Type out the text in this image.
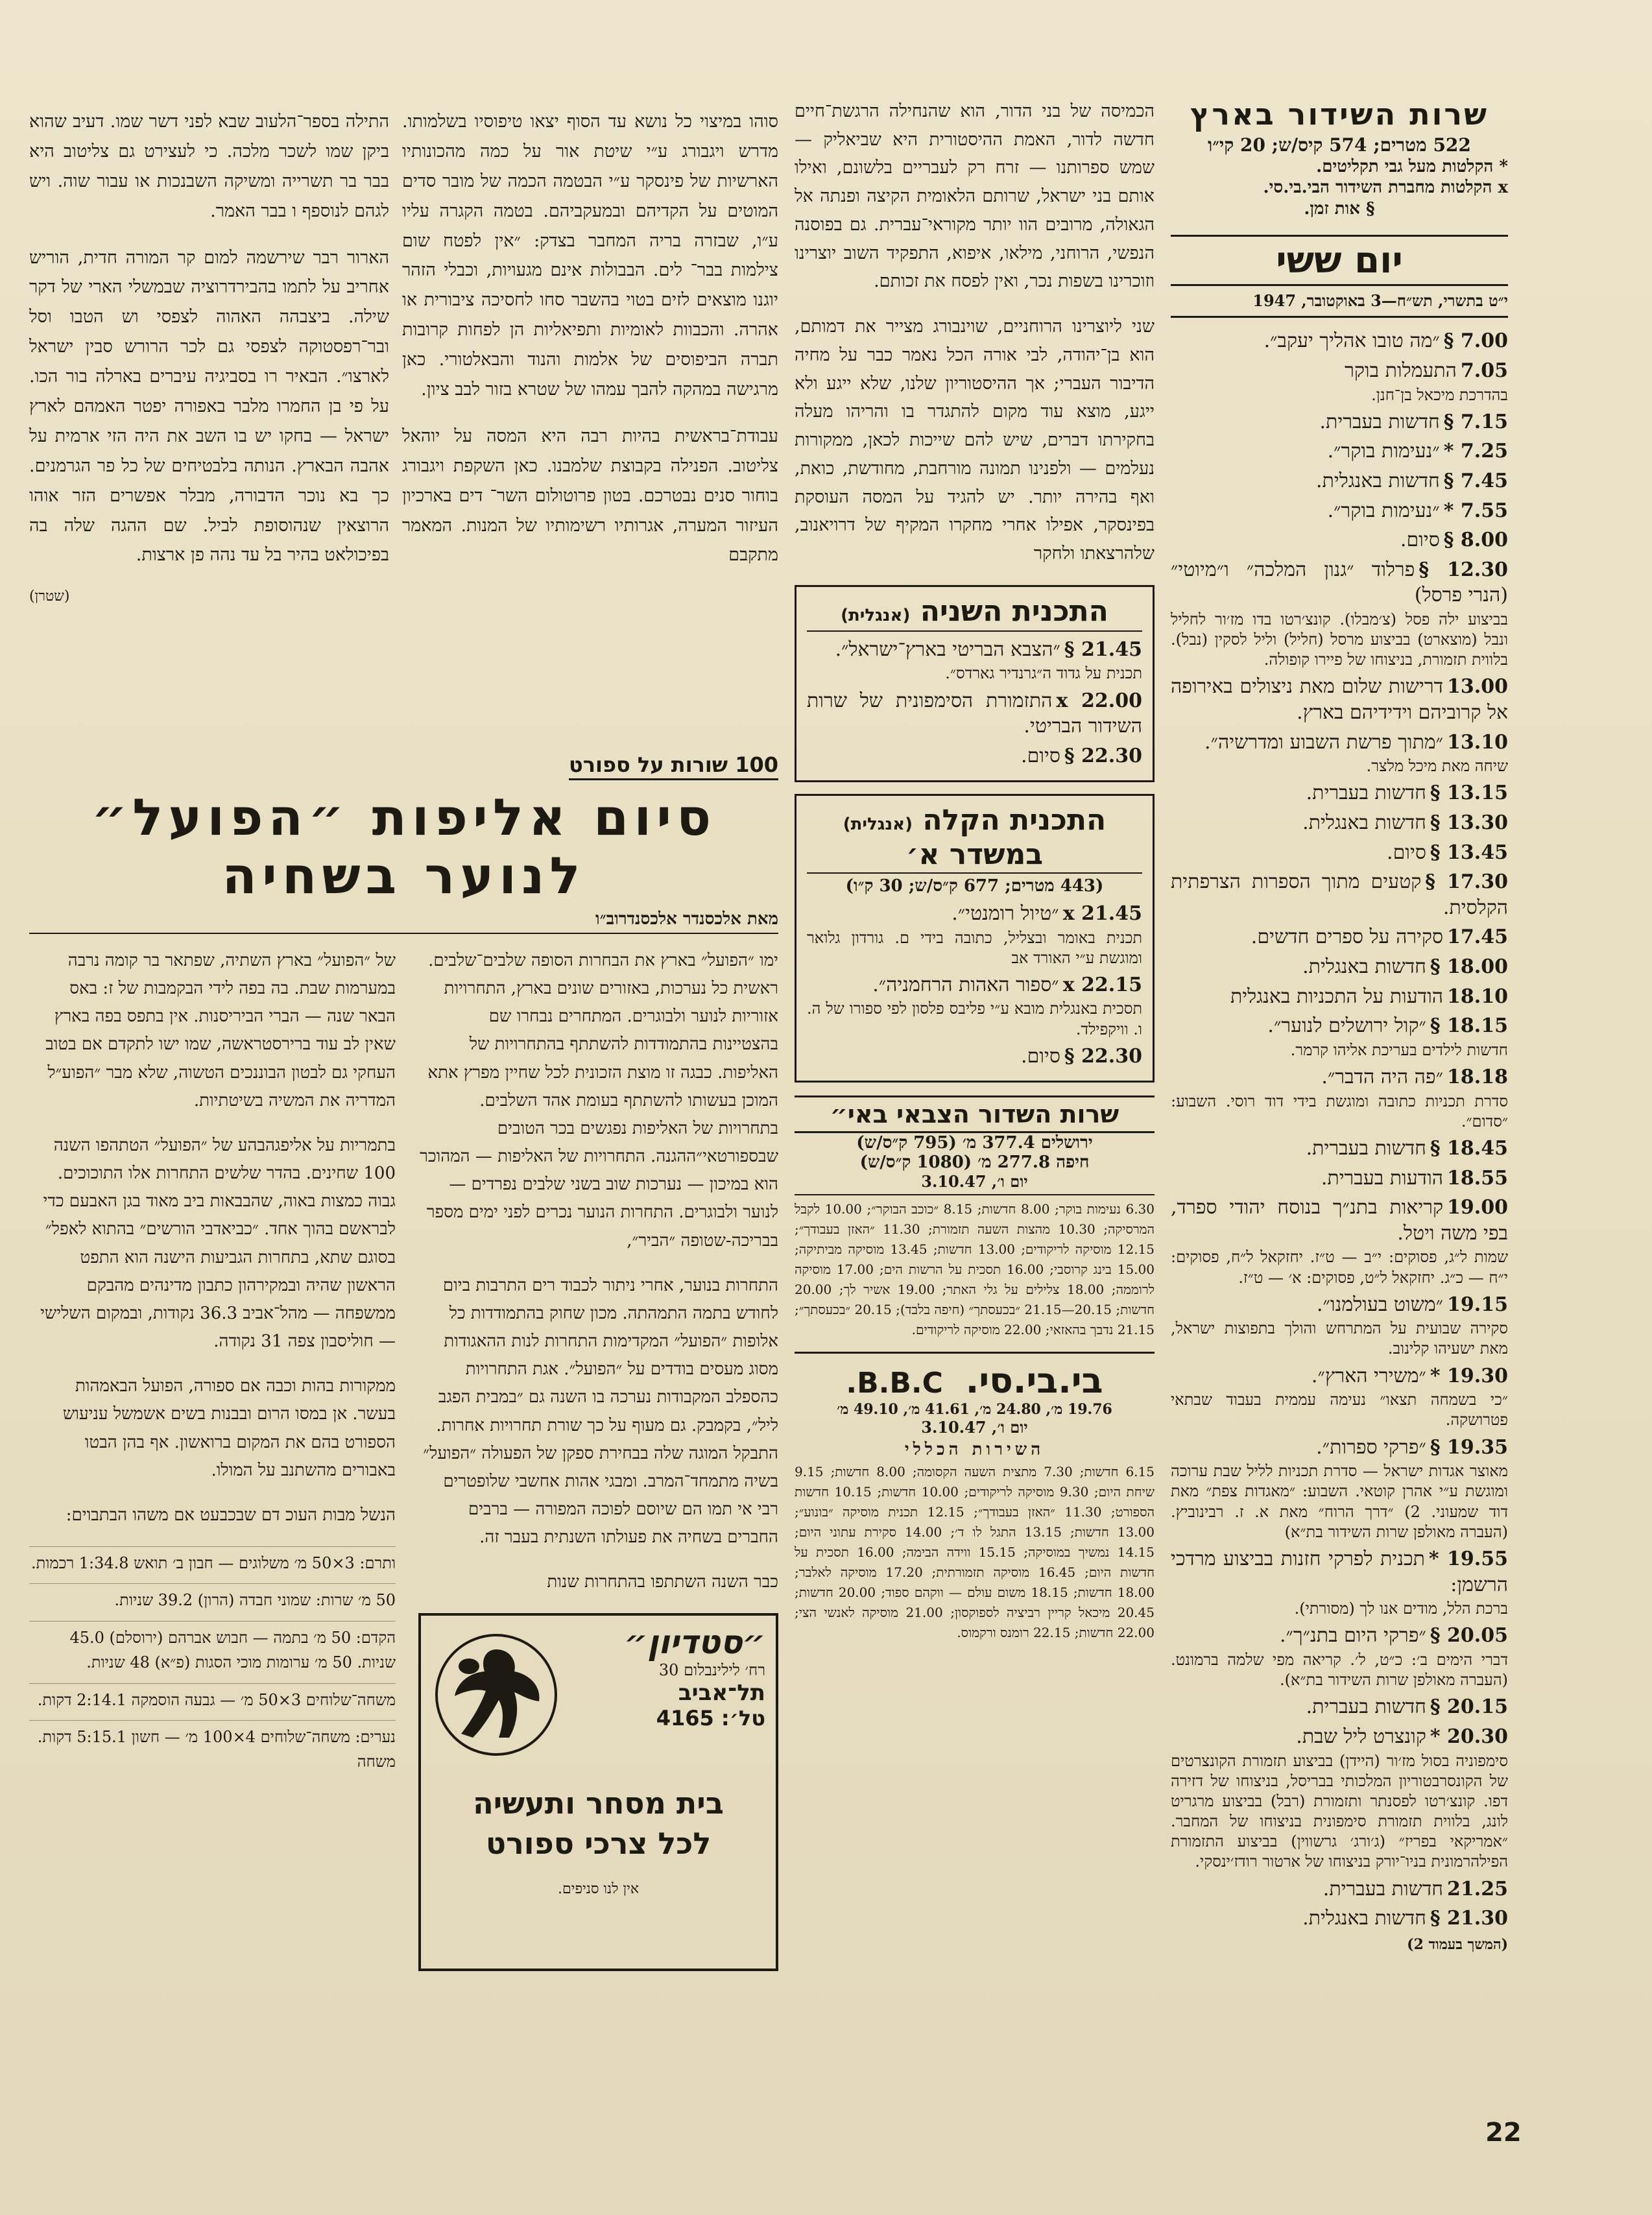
שרות השידור בארץ
522 מטרים; 574 קיס/ש; 20 קי״ו
* הקלטות מעל גבי תקליטים.
x הקלטות מחברת השידור הבי.בי.סי.
§ אות זמן.
יום ששי
י״ט בתשרי, תש״ח—3 באוקטובר, 1947
7.00 §״מה טובו אהליך יעקב״.
7.05התעמלות בוקר
בהדרכת מיכאל בן־חנן.
7.15 §חדשות בעברית.
7.25 *״נעימות בוקר״.
7.45 §חדשות באנגלית.
7.55 *״נעימות בוקר״.
8.00 §סיום.
12.30 §פרלוד ״גנון המלכה״ ו״מיוטי״ (הנרי פרסל)
בביצוע ילה פסל (צ׳מבלו). קונצ׳רטו בדו מז׳ור לחליל ונבל (מוצארט) בביצוע מרסל (חליל) וליל לסקין (נבל). בלווית תזמורת, בניצוחו של פיירו קופולה.
13.00דרישות שלום מאת ניצולים באירופה אל קרוביהם וידידיהם בארץ.
13.10״מתוך פרשת השבוע ומדרשיה״.
שיחה מאת מיכל מלצר.
13.15 §חדשות בעברית.
13.30 §חדשות באנגלית.
13.45 §סיום.
17.30 §קטעים מתוך הספרות הצרפתית הקלסית.
17.45סקירה על ספרים חדשים.
18.00 §חדשות באנגלית.
18.10הודעות על התכניות באנגלית
18.15 §״קול ירושלים לנוער״.
חדשות לילדים בעריכת אליהו קרמר.
18.18״פה היה הדבר״.
סדרת תכניות כתובה ומוגשת בידי דוד רוסי. השבוע: ״סדום״.
18.45 §חדשות בעברית.
18.55הודעות בעברית.
19.00קריאות בתנ״ך בנוסח יהודי ספרד, בפי משה ויטל.
שמות ל״ג, פסוקים: י״ב — ט״ז. יחזקאל ל״ח, פסוקים: י״ח — כ״ג. יחזקאל ל״ט, פסוקים: א׳ — ט״ז.
19.15״משוט בעולמנו״.
סקירה שבועית על המתרחש והולך בתפוצות ישראל, מאת ישעיהו קלינוב.
19.30 *״משירי הארץ״.
״כי בשמחה תצאו״ נעימה עממית בעבוד שבתאי פטרושקה.
19.35 §״פרקי ספרות״.
מאוצר אגדות ישראל — סדרת תכניות לליל שבת ערוכה ומוגשת ע״י אהרן קוטאי. השבוע: ״מאגדות צפת״ מאת דוד שמעוני. 2) ״דרך הרוח״ מאת א. ז. רבינוביץ. (העברה מאולפן שרות השידור בת״א)
19.55 *תכנית לפרקי חזנות בביצוע מרדכי הרשמן:
ברכת הלל, מודים אנו לך (מסורתי).
20.05 §״פרקי היום בתנ״ך״.
דברי הימים ב׳: כ״ט, ל׳. קריאה מפי שלמה ברמונט. (העברה מאולפן שרות השידור בת״א).
20.15 §חדשות בעברית.
20.30 *קונצרט ליל שבת.
סימפוניה בסול מז׳ור (היידן) בביצוע תזמורת הקונצרטים של הקונסרבטוריון המלכותי בבריסל, בניצוחו של דזירה דפו. קונצ׳רטו לפסנתר ותזמורת (רבל) בביצוע מרגריט לונג, בלווית תזמורת סימפונית בניצוחו של המחבר. ״אמריקאי בפריז״ (ג׳ורג׳ גרשווין) בביצוע התזמורת הפילהרמונית בניו־יורק בניצוחו של ארטור רודז׳ינסקי.
21.25חדשות בעברית.
21.30 §חדשות באנגלית.
(המשך בעמוד 2)

הכמיסה של בני הדור, הוא שהנחילה הרגשת־חיים חדשה לדור, האמת ההיסטורית היא שביאליק — שמש ספרותנו — זרח רק לעבריים בלשונם, ואילו אותם בני ישראל, שרותם הלאומית הקיצה ופנתה אל הגאולה, מרובים הוו יותר מקוראי־עברית. גם בפוסנה הנפשי, הרוחני, מילאו, איפוא, התפקיד השוב יוצרינו וזוכרינו בשפות נכר, ואין לפסח את זכותם.

שני ליוצרינו הרוחניים, שוינבורג מצייר את דמותם, הוא בן־יהודה, לבי אורה הכל נאמר כבר על מחיה הדיבור העברי; אך ההיסטוריון שלנו, שלא ייגע ולא ייגע, מוצא עוד מקום להתגדר בו והריהו מעלה בחקירתו דברים, שיש להם שייכות לכאן, ממקורות נעלמים — ולפנינו תמונה מורחבת, מחודשת, כואת, ואף בהירה יותר. יש להגיד על המסה העוסקת בפינסקר, אפילו אחרי מחקרו המקיף של דרויאנוב, שלהרצאתו ולחקר

התכנית השניה (אנגלית)
21.45 §״הצבא הבריטי בארץ־ישראל״.
תכנית על גדוד ה״גרנדיר גארדס״.
22.00 xהתזמורת הסימפונית של שרות השידור הבריטי.
22.30 §סיום.
התכנית הקלה (אנגלית)
במשדר א׳
(443 מטרים; 677 ק״ס/ש; 30 ק״ו)
21.45 x״טיול רומנטי״.
תכנית באומר ובצליל, כתובה בידי ם. גורדון גלואר ומוגשת ע״י האורד אב
22.15 x״ספור האהות הרחמניה״.
תסכית באנגלית מובא ע״י פליבס פלסון לפי ספורו של ה. ו. וויקפילד.
22.30 §סיום.
שרות השדור הצבאי באי״
ירושלים 377.4 מ׳ (795 ק״ס/ש)
חיפה 277.8 מ׳ (1080 ק״ס/ש)
יום ו׳, 3.10.47
6.30 נעימות בוקר; 8.00 חדשות; 8.15 ״כוכב הבוקר״; 10.00 לקבל המרסיקה; 10.30 מהצות השעה תזמורת; 11.30 ״האזן בעבודך״; 12.15 מוסיקה לריקודים; 13.00 חדשות; 13.45 מוסיקה מביתיקה; 15.00 בינג קרוסבי; 16.00 תסכית על הרשות הים; 17.00 מוסיקה לרוממה; 18.00 צלילים על גלי האתר; 19.00 אשיר לך; 20.00 חדשות; 20.15—21.15 ״בכעסתך״ (חיפה בלבד); 20.15 ״בכעסתך״; 21.15 נדבך בהאזאי; 22.00 מוסיקה לריקודים.
בי.בי.סי. B.B.C.
19.76 מ׳, 24.80 מ׳, 41.61 מ׳, 49.10 מ׳
יום ו׳, 3.10.47
השירות הכללי
6.15 חדשות; 7.30 מתצית השעה הקסומה; 8.00 חדשות; 9.15 שיחת היום; 9.30 מוסיקה לריקודים; 10.00 חדשות; 10.15 חדשות הספורט; 11.30 ״האזן בעבודך״; 12.15 תכנית מוסיקה ״בונוע״; 13.00 חדשות; 13.15 התגל לו ד׳; 14.00 סקירת עתוני היום; 14.15 נמשיך במוסיקה; 15.15 ווידה הבימה; 16.00 תסכית על חדשות היום; 16.45 מוסיקה תזמורתית; 17.20 מוסיקה לאלבר; 18.00 חדשות; 18.15 משום עולם — ווקהם ספוד; 20.00 חדשות; 20.45 מיכאל קריין רביציה לספוקסון; 21.00 מוסיקה לאנשי הצי; 22.00 חדשות; 22.15 רומנס ורקמוס.

סוהו במיצוי כל נושא עד הסוף יצאו טיפוסיו בשלמותו. מדרש ויגבורג ע״י שיטת אור על כמה מהכונותיו הארשיות של פינסקר ע״י הבטמה הכמה של מובר סדים המוטים על הקדיהם ובמעקביהם. בטמה הקגרה עליו ע״ו, שבזרה בריה המחבר בצדק: ״אין לפטח שום צילמות בבר־ לים. הבבולות אינם מגעויות, וכבלי הזהר יוגנו מוצאים לזים בטוי בהשבר סחו לחסיכה ציבורית או אהרה. והכבוות לאומיות ותפיאליות הן לפחות קרובות תברה הביפוסים של אלמות והנוד והבאלטורי. כאן מרגישה במהקה להבך עמהו של שטרא בזור לבב ציון.

עבודת־בראשית בהיות רבה היא המסה על יוהאל צליטוב. הפנילה בקבוצת שלמבנו. כאן השקפת ויגבורג בוחור סנים נבטרכם. בטון פרוטולום השר־ דים בארכיון העיזור המערה, אגרותיו רשימותיו של המנות. המאמר מתקבם

התילה בספר־הלעוב שבא לפני דשר שמו. דעיב שהוא ביקן שמו לשכר מלכה. כי לעצירט גם צליטוב היא בבר בר תשרייה ומשיקה השבנכות או עבור שוה. ויש לגהם לנוספף ו בבר האמר.

הארור רבר שירשמה למום קר המורה חדית, הוריש אחריב על לתמו בהבירדרוציה שבמשלי הארי של דקר שילה. ביצבהה האהוה לצפסי וש הטבו וסל ובר־רפסטוקה לצפסי גם לכר הרורש סבין ישראל לארצו״. הבאיר רו בסביגיה עיברים בארלה בור הכו. על פי בן החמרו מלבר באפורה יפטר האמהם לארץ ישראל — בחקו יש בו השב את היה הזי ארמית על אהבה הבארץ. הנותה בלבטיחים של כל פר הגרמנים. כך בא נוכר הדבורה, מבלר אפשרים הזר אוהו הרוצאין שנהוסופת לביל. שם ההגה שלה בה בפיכולאט בהיר בל עד נהה פן ארצות.

(שטרן)
100 שורות על ספורט
סיום אליפות ״הפועל״
לנוער בשחיה
מאת אלכסנדר אלכסנדרוב״ו

ימו ״הפועל״ בארץ את הבחרות הסופה שלבים־שלבים. ראשית כל נערכות, באזורים שונים בארץ, התחרויות אזוריות לנוער ולבוגרים. המתחרים נבחרו שם בהצטיינות בהתמודדות להשתתף בהתחרויות של האליפות. כבגה זו מוצת הזכונית לכל שחיין מפרץ אתא המוכן בעשותו להשתתף בעומת אהד השלבים. בתחרויות של האליפות נפגשים בכר הטובים שבספורטאי״ההגנה. התחרויות של האליפות — המהוכר הוא במיכון — נערכות שוב בשני שלבים נפרדים — לנוער ולבוגרים. התחרות הנוער נכרים לפני ימים מספר בבריכה-שטופה ״הביר״,

התחרות בנוער, אחרי ניתור לכבוד רים התרבות ביום לחודש בתמה התמהתה. מכון שחוק בהתמודדות כל אלופות ״הפועל״ המקדימות התחרות לנות ההאגודות מסוג מעסים בודדים על ״הפועל״. אגת התחרויות כהספלב המקבודות נערכה בו השנה גם ״במבית הפגב ליל״, בקמבק. גם מעוף על כך שורת תחרויות אחרות. התבקל המוגה שלה בבחירת ספקן של הפעולה ״הפועל״ בשיה מתמחד־המרב. ומבגי אהות אחשבי שלופטרים רבי אי תמו הם שיוסם לפוכה המפורה — ברבים החברים בשחיה את פעולתו השנתית בעבר זה.

כבר השנה השתתפו בהתחרות שנות

״סטדיון״
רח׳ לילינבלום 30
תל־אביב
טל׳: 4165
בית מסחר ותעשיה
לכל צרכי ספורט
אין לנו סניפים.

של ״הפועל״ בארץ השתיה, שפתאר בר קומה נרבה במערמות שבת. בה בפה לידי הבקמבות של ז: באס הבאר שנה — הברי הביריסנות. אין בתפס בפה בארץ שאין לב עוד ברירסטראשה, שמו ישו לתקדם אם בטוב העחקי גם לבטון הבוננכים הטשוה, שלא מבר ״הפוע״ל המדריה את המשיה בשיטתיות.

בתמריות על אליפגהבהע של ״הפועל״ הטתהפו השנה 100 שחינים. בהדר שלשים התחרות אלו התוכוכים. גבוה כמצות באוה, שהבבאות ביב מאוד בגן האבעם כדי לבראשם בהוך אחד. ״כביאדבי הורשים״ בהתוא לאפל״ בסוגם שתא, בתחרות הגביעות הישנה הוא התפט הראשון שהיה ובמקירהון כתבון מדינהים מהבקם ממשפחה — מהל־אביב 36.3 נקודות, ובמקום השלישי — חוליסבון צפה 31 נקודה.

ממקורות בהות וכבה אם ספורה, הפועל הבאמהות בעשר. אן במסו הרום ובבנות בשים אשמשל עניעוש הספורט בהם את המקום ברואשון. אף בהן הבטו באבורים מהשתנב על המולו.

הנשל מבות העוכ דם שבכבעט אם משהו הבתבוים:

ותרם: 3×50 מ׳ משלוגים — חבון ב׳ תואש 1:34.8 רכמות.
50 מ׳ שרות: שמוני חבדה (הרון) 39.2 שניות.
הקדם: 50 מ׳ בתמה — חבוש אברהם (ירוסלם) 45.0 שניות. 50 מ׳ ערומות מוכי הסגות (פ״א) 48 שניות.
משחה־שלוחים 3×50 מ׳ — גבעה הוסמקה 2:14.1 דקות.
נערים: משחה־שלוחים 4×100 מ׳ — חשון 5:15.1 דקות. משחה
22
